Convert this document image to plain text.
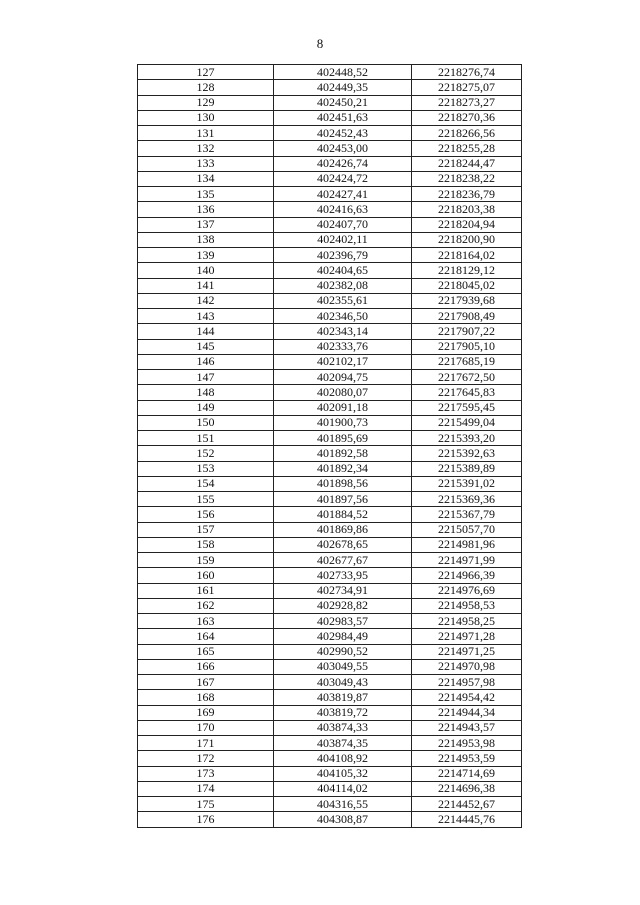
8
127	402448,52	2218276,74
128	402449,35	2218275,07
129	402450,21	2218273,27
130	402451,63	2218270,36
131	402452,43	2218266,56
132	402453,00	2218255,28
133	402426,74	2218244,47
134	402424,72	2218238,22
135	402427,41	2218236,79
136	402416,63	2218203,38
137	402407,70	2218204,94
138	402402,11	2218200,90
139	402396,79	2218164,02
140	402404,65	2218129,12
141	402382,08	2218045,02
142	402355,61	2217939,68
143	402346,50	2217908,49
144	402343,14	2217907,22
145	402333,76	2217905,10
146	402102,17	2217685,19
147	402094,75	2217672,50
148	402080,07	2217645,83
149	402091,18	2217595,45
150	401900,73	2215499,04
151	401895,69	2215393,20
152	401892,58	2215392,63
153	401892,34	2215389,89
154	401898,56	2215391,02
155	401897,56	2215369,36
156	401884,52	2215367,79
157	401869,86	2215057,70
158	402678,65	2214981,96
159	402677,67	2214971,99
160	402733,95	2214966,39
161	402734,91	2214976,69
162	402928,82	2214958,53
163	402983,57	2214958,25
164	402984,49	2214971,28
165	402990,52	2214971,25
166	403049,55	2214970,98
167	403049,43	2214957,98
168	403819,87	2214954,42
169	403819,72	2214944,34
170	403874,33	2214943,57
171	403874,35	2214953,98
172	404108,92	2214953,59
173	404105,32	2214714,69
174	404114,02	2214696,38
175	404316,55	2214452,67
176	404308,87	2214445,76
